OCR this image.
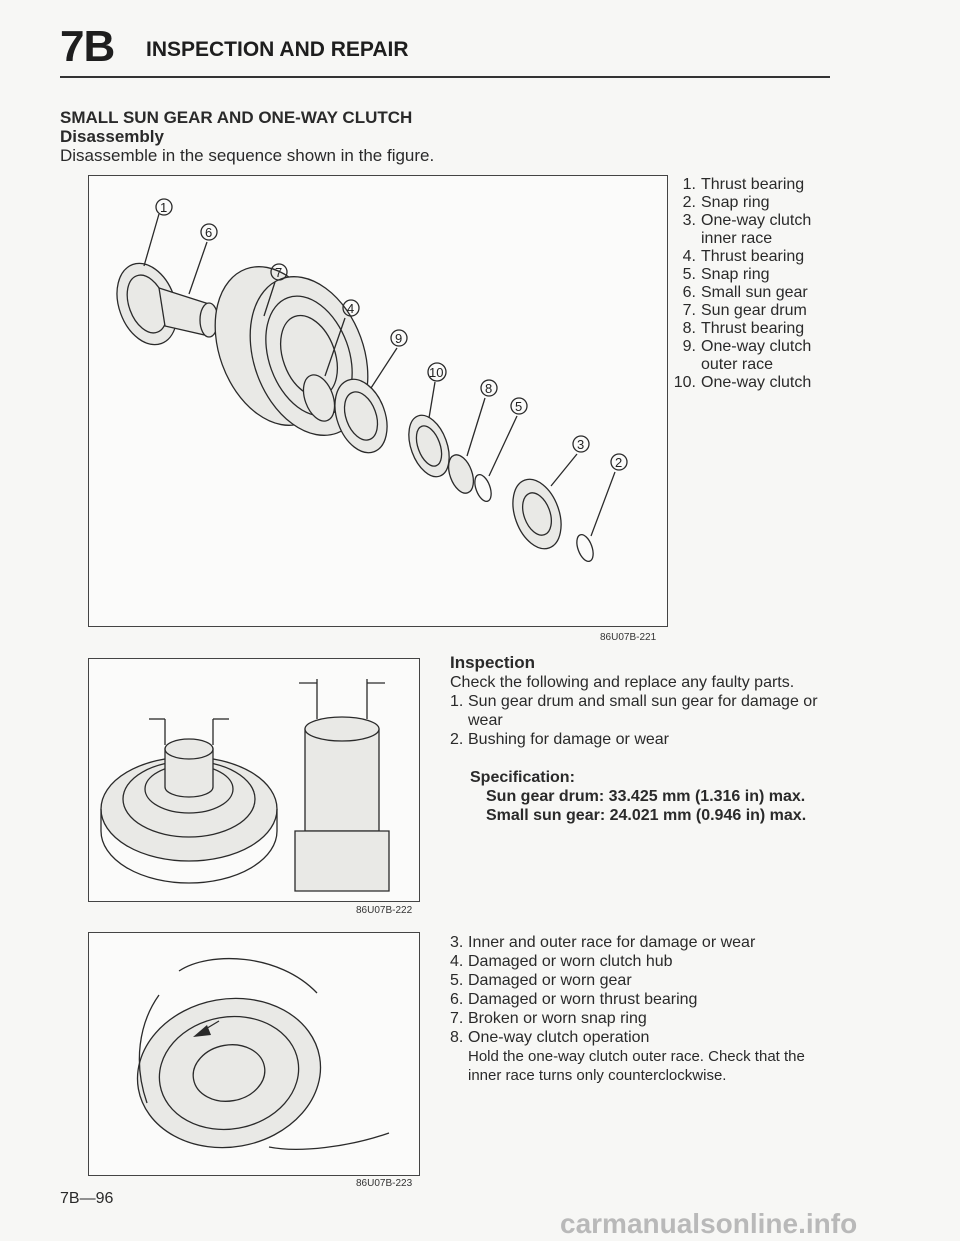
7B INSPECTION AND REPAIR
SMALL SUN GEAR AND ONE-WAY CLUTCH
Disassembly
Disassemble in the sequence shown in the figure.
1
6
7
4
9
10
8
5
3
2
86U07B-221
1. Thrust bearing
2. Snap ring
3. One-way clutch
inner race
4. Thrust bearing
5. Snap ring
6. Small sun gear
7. Sun gear drum
8. Thrust bearing
9. One-way clutch
outer race
10. One-way clutch
86U07B-222
86U07B-223
Inspection
Check the following and replace any faulty parts.
1. Sun gear drum and small sun gear for damage or wear
2. Bushing for damage or wear
Specification:
Sun gear drum: 33.425 mm (1.316 in) max.
Small sun gear: 24.021 mm (0.946 in) max.
3. Inner and outer race for damage or wear
4. Damaged or worn clutch hub
5. Damaged or worn gear
6. Damaged or worn thrust bearing
7. Broken or worn snap ring
8. One-way clutch operation
Hold the one-way clutch outer race. Check that the inner race turns only counterclockwise.
7B—96
carmanualsonline.info
